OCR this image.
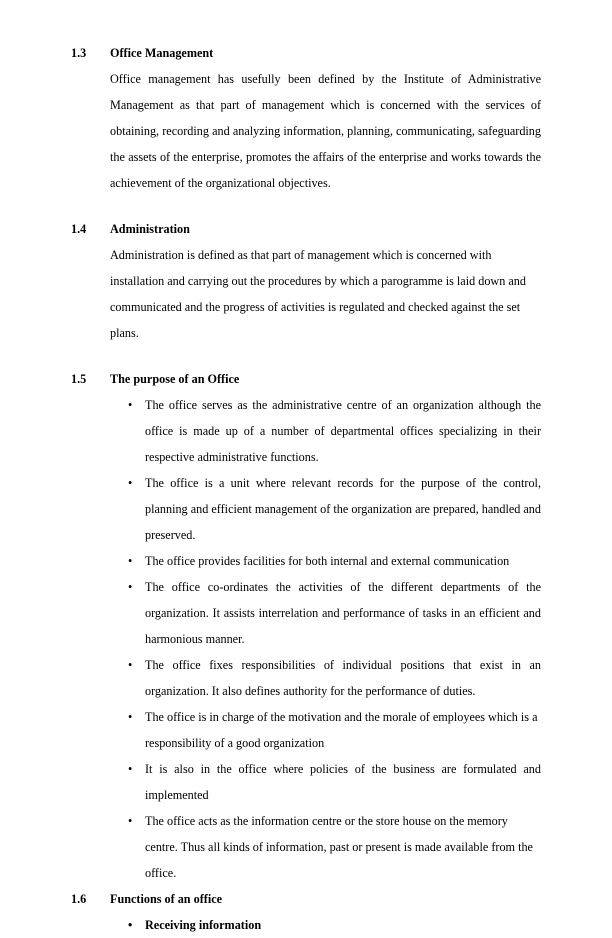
1.3	Office Management
Office management has usefully been defined by the Institute of Administrative Management as that part of management which is concerned with the services of obtaining, recording and analyzing information, planning, communicating, safeguarding the assets of the enterprise, promotes the affairs of the enterprise and works towards the achievement of the organizational objectives.
1.4	Administration
Administration is defined as that part of management which is concerned with installation and carrying out the procedures by which a parogramme is laid down and communicated and the progress of activities is regulated and checked against the set plans.
1.5	The purpose of an Office
• The office serves as the administrative centre of an organization although the office is made up of a number of departmental offices specializing in their respective administrative functions.
• The office is a unit where relevant records for the purpose of the control, planning and efficient management of the organization are prepared, handled and preserved.
• The office provides facilities for both internal and external communication
• The office co-ordinates the activities of the different departments of the organization. It assists interrelation and performance of tasks in an efficient and harmonious manner.
• The office fixes responsibilities of individual positions that exist in an organization. It also defines authority for the performance of duties.
• The office is in charge of the motivation and the morale of employees which is a responsibility of a good organization
• It is also in the office where policies of the business are formulated and implemented
• The office acts as the information centre or the store house on the memory centre. Thus all kinds of information, past or present is made available from the office.
1.6	Functions of an office
• Receiving information
